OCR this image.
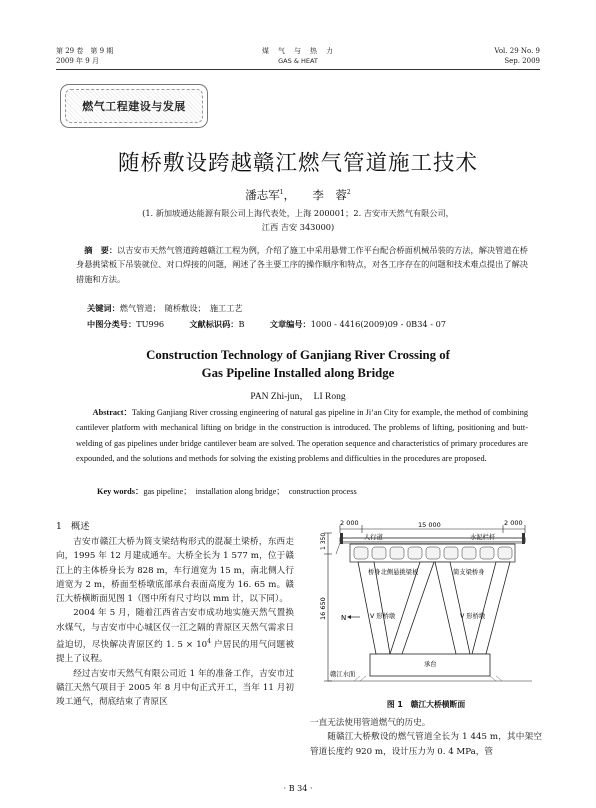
第 29 卷　第 9 期
2009 年 9 月
煤　气　与　热　力
GAS & HEAT
Vol. 29 No. 9
Sep. 2009
燃气工程建设与发展
随桥敷设跨越赣江燃气管道施工技术
潘志军$^1$，　　李　蓉$^2$
(1. 新加坡通达能源有限公司上海代表处，上海 200001；2. 吉安市天然气有限公司，
江西 吉安 343000)
摘　要：以吉安市天然气管道跨越赣江工程为例，介绍了施工中采用悬臂工作平台配合桥面机械吊装的方法，解决管道在桥身悬挑梁板下吊装就位、对口焊接的问题，阐述了各主要工序的操作顺序和特点，对各工序存在的问题和技术难点提出了解决措施和方法。
关键词：燃气管道；　随桥敷设；　施工工艺
中图分类号：TU996	文献标识码：B	文章编号：1000 - 4416(2009)09 - 0B34 - 07
Construction Technology of Ganjiang River Crossing of
Gas Pipeline Installed along Bridge
PAN Zhi-jun，　LI Rong
Abstract：Taking Ganjiang River crossing engineering of natural gas pipeline in Ji’an City for example, the method of combining cantilever platform with mechanical lifting on bridge in the construction is introduced. The problems of lifting, positioning and butt-welding of gas pipelines under bridge cantilever beam are solved. The operation sequence and characteristics of primary procedures are expounded, and the solutions and methods for solving the existing problems and difficulties in the procedures are proposed.
Key words：gas pipeline；　installation along bridge；　construction process
1　概述

吉安市赣江大桥为简支梁结构形式的混凝土梁桥，东西走向，1995 年 12 月建成通车。大桥全长为 1 577 m，位于赣江上的主体桥身长为 828 m，车行道宽为 15 m，南北侧人行道宽为 2 m，桥面至桥墩底部承台表面高度为 16. 65 m。赣江大桥横断面见图 1（图中所有尺寸均以 mm 计，以下同）。

2004 年 5 月，随着江西省吉安市成功地实施天然气置换水煤气，与吉安市中心城区仅一江之隔的青原区天然气需求日益迫切，尽快解决青原区约 1. $5 \times 10^4$ 户居民的用气问题被提上了议程。

经过吉安市天然气有限公司近 1 年的准备工作，吉安市过赣江天然气项目于 2005 年 8 月中旬正式开工，当年 11 月初竣工通气，彻底结束了青原区

2 000	15 000	2 000
1 350
16 650
人行道	水泥栏杆
桥身北侧悬挑梁板	简支梁桥身
V 形桥墩	V 形桥墩
N
承台
赣江水面
图 1　赣江大桥横断面

一直无法使用管道燃气的历史。

随赣江大桥敷设的燃气管道全长为 1 445 m，其中架空管道长度约 920 m，设计压力为 0. 4 MPa，管

· B 34 ·
